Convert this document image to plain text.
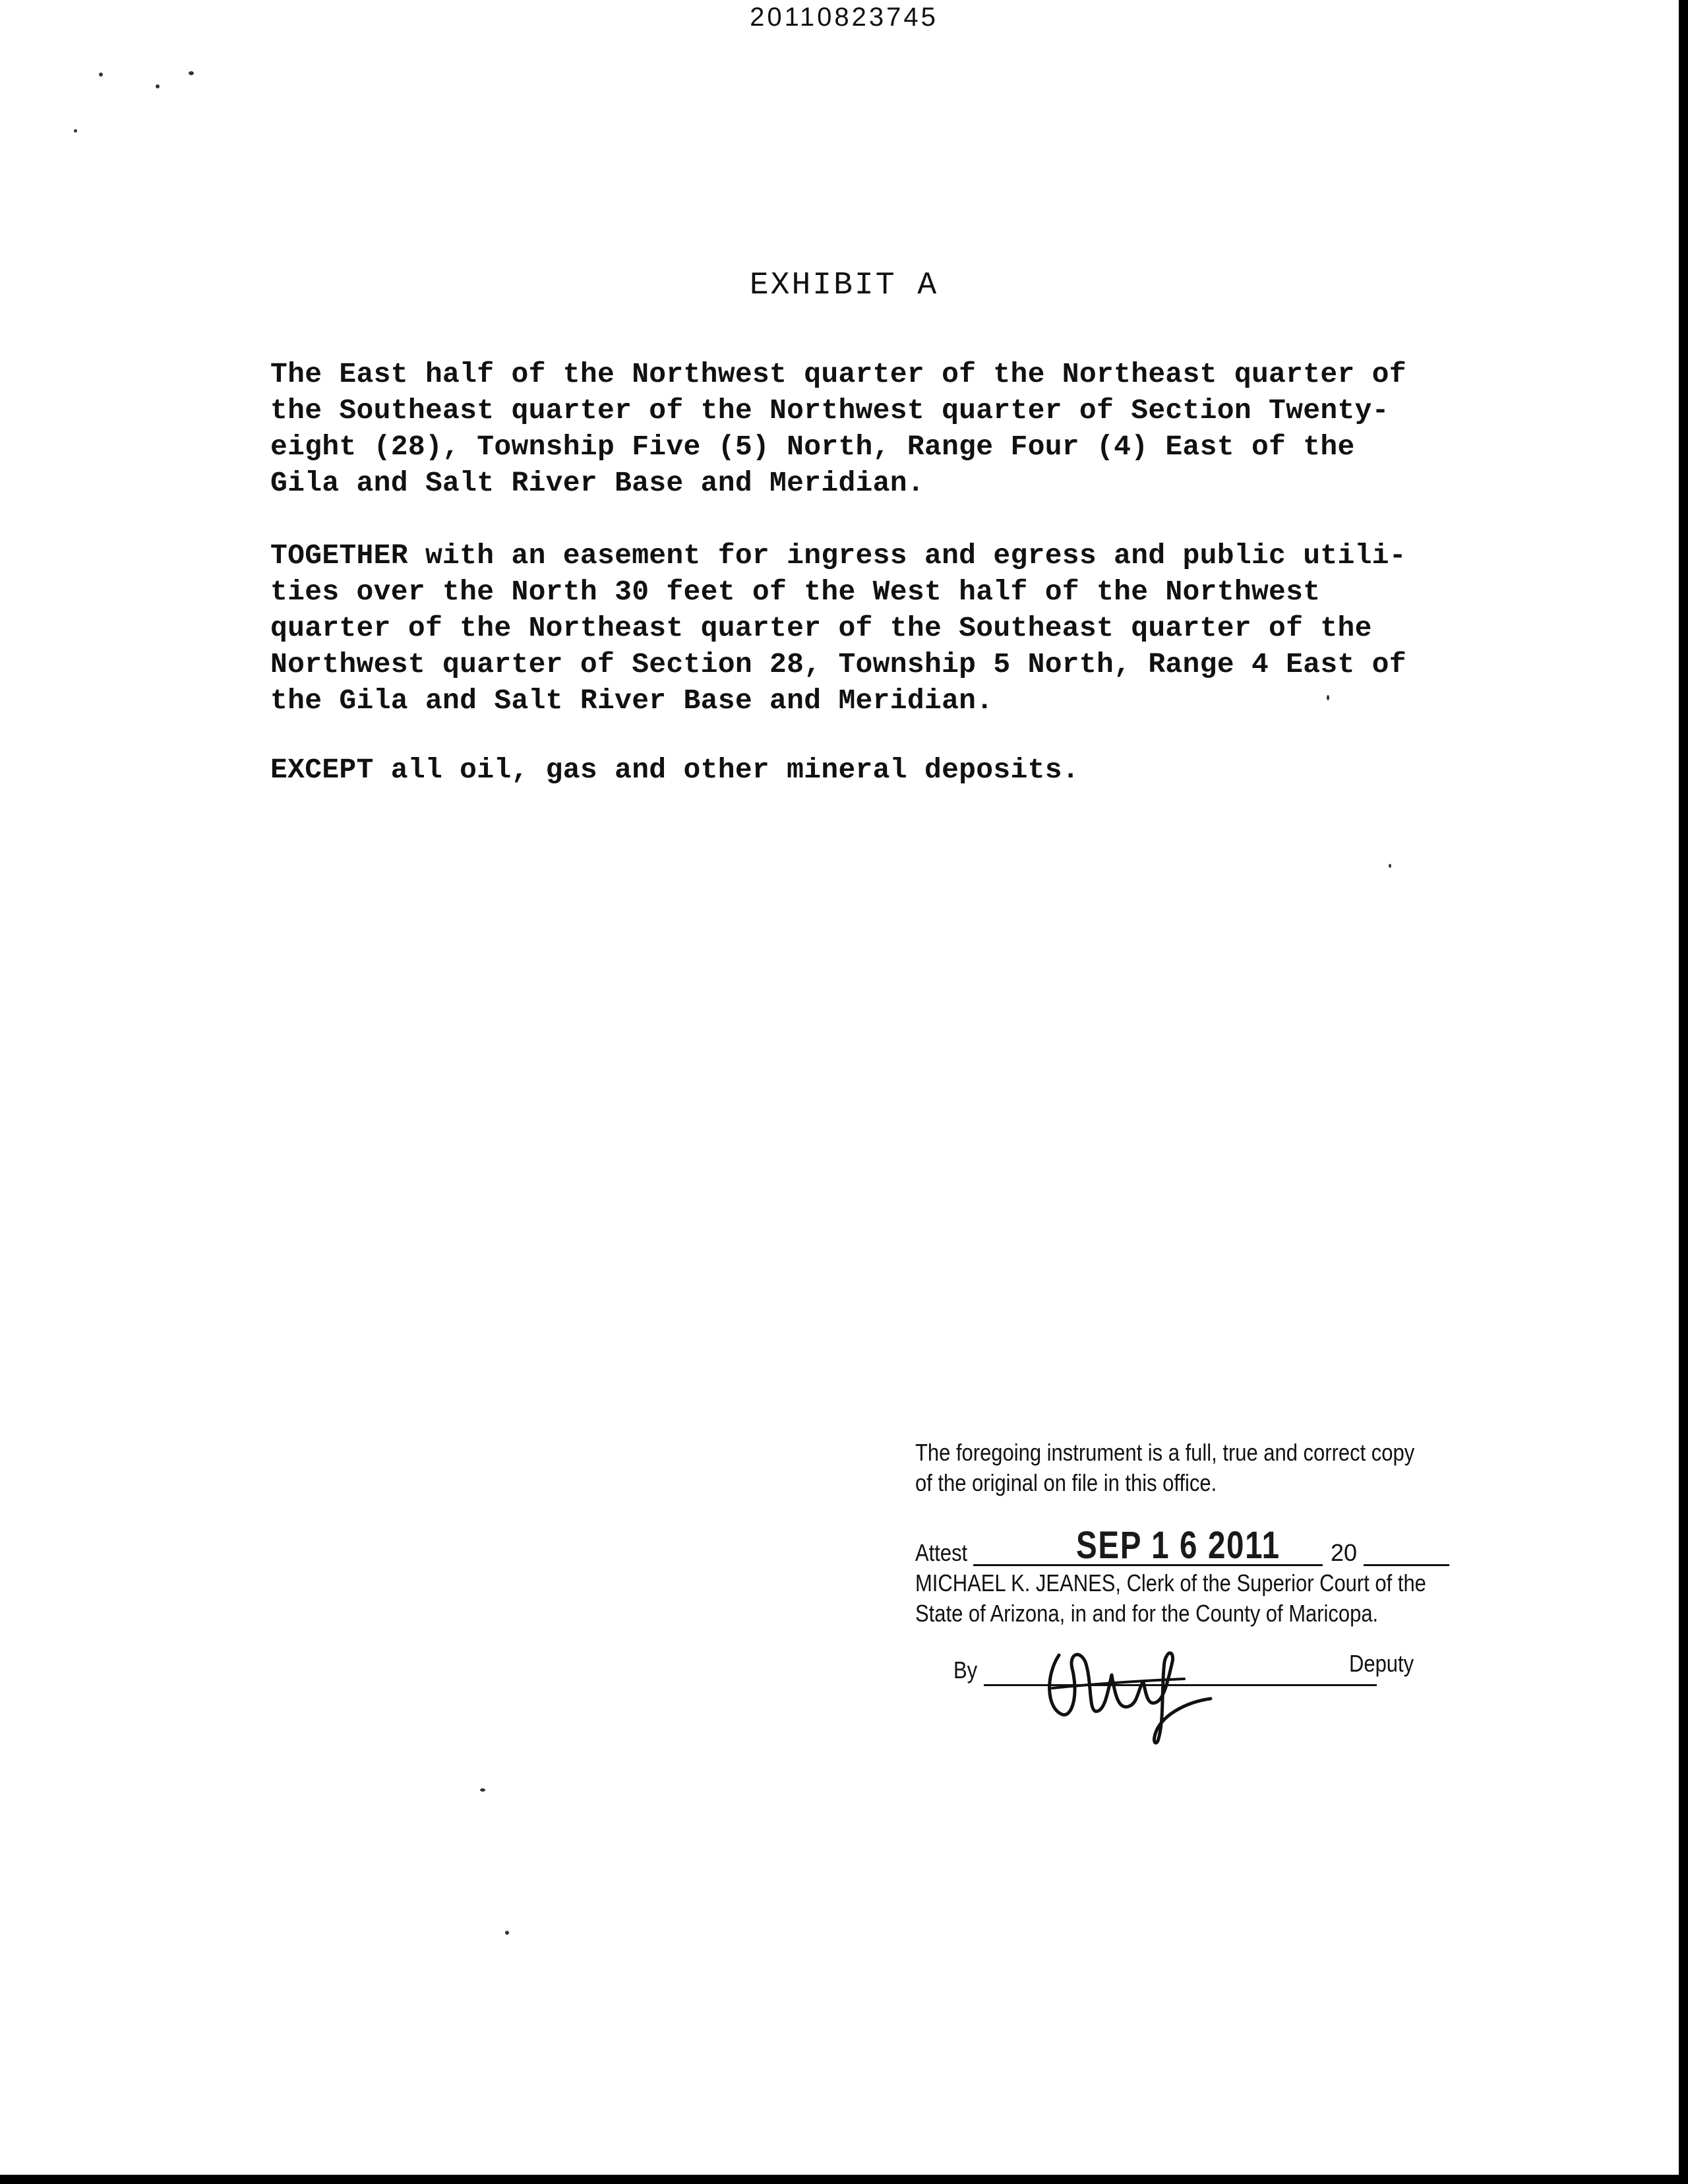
20110823745
EXHIBIT A
The East half of the Northwest quarter of the Northeast quarter of
the Southeast quarter of the Northwest quarter of Section Twenty-
eight (28), Township Five (5) North, Range Four (4) East of the
Gila and Salt River Base and Meridian.
TOGETHER with an easement for ingress and egress and public utili-
ties over the North 30 feet of the West half of the Northwest
quarter of the Northeast quarter of the Southeast quarter of the
Northwest quarter of Section 28, Township 5 North, Range 4 East of
the Gila and Salt River Base and Meridian.
EXCEPT all oil, gas and other mineral deposits.
The foregoing instrument is a full, true and correct copy
of the original on file in this office.
Attest	SEP 1 6 2011 20
MICHAEL K. JEANES, Clerk of the Superior Court of the
State of Arizona, in and for the County of Maricopa.
By	Deputy
